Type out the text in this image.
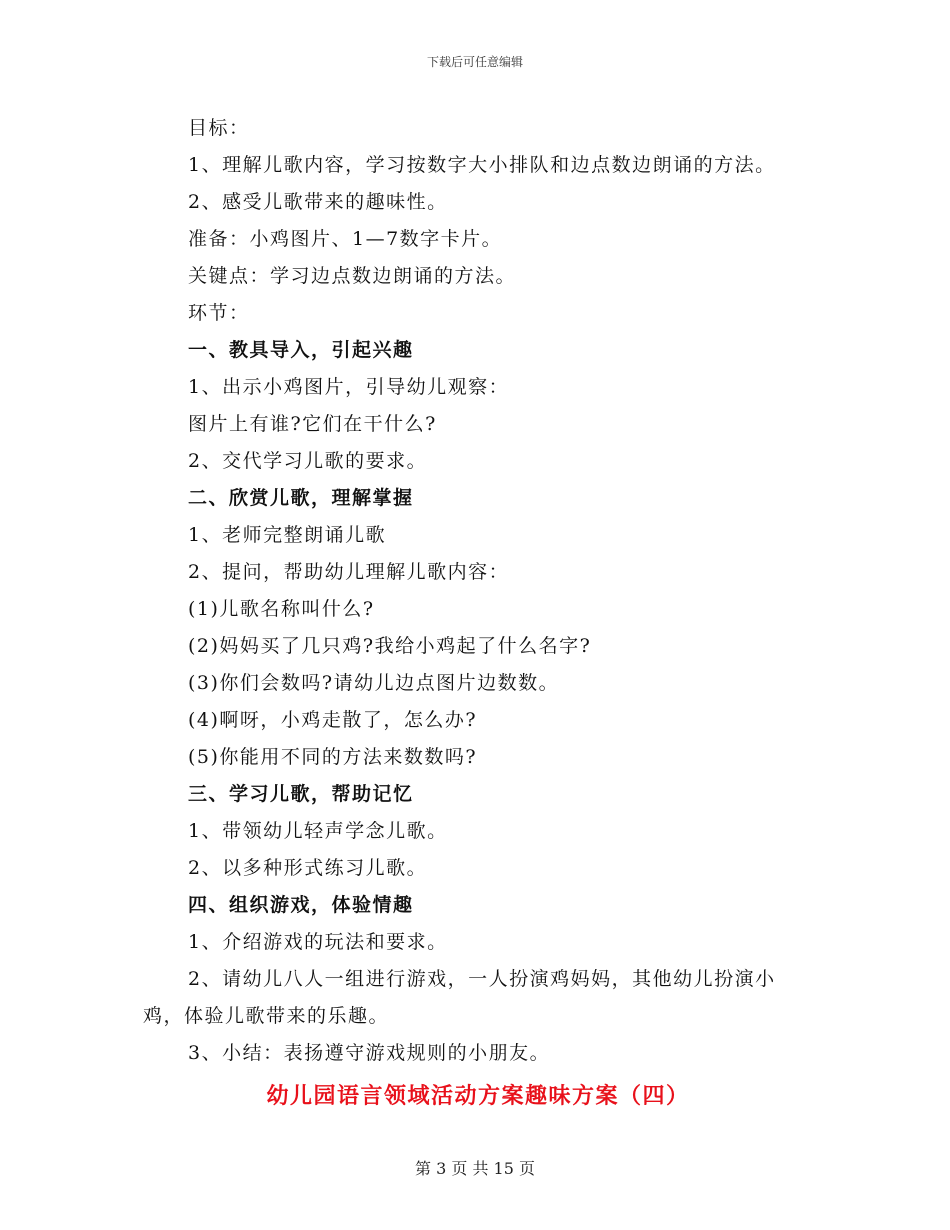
下载后可任意编辑
目标：
1、理解儿歌内容，学习按数字大小排队和边点数边朗诵的方法。
2、感受儿歌带来的趣味性。
准备：小鸡图片、1—7数字卡片。
关键点：学习边点数边朗诵的方法。
环节：
一、教具导入，引起兴趣
1、出示小鸡图片，引导幼儿观察：
图片上有谁?它们在干什么?
2、交代学习儿歌的要求。
二、欣赏儿歌，理解掌握
1、老师完整朗诵儿歌
2、提问，帮助幼儿理解儿歌内容：
(1)儿歌名称叫什么?
(2)妈妈买了几只鸡?我给小鸡起了什么名字?
(3)你们会数吗?请幼儿边点图片边数数。
(4)啊呀，小鸡走散了，怎么办?
(5)你能用不同的方法来数数吗?
三、学习儿歌，帮助记忆
1、带领幼儿轻声学念儿歌。
2、以多种形式练习儿歌。
四、组织游戏，体验情趣
1、介绍游戏的玩法和要求。
2、请幼儿八人一组进行游戏，一人扮演鸡妈妈，其他幼儿扮演小
鸡，体验儿歌带来的乐趣。
3、小结：表扬遵守游戏规则的小朋友。
幼儿园语言领域活动方案趣味方案（四）
第 3 页 共 15 页
